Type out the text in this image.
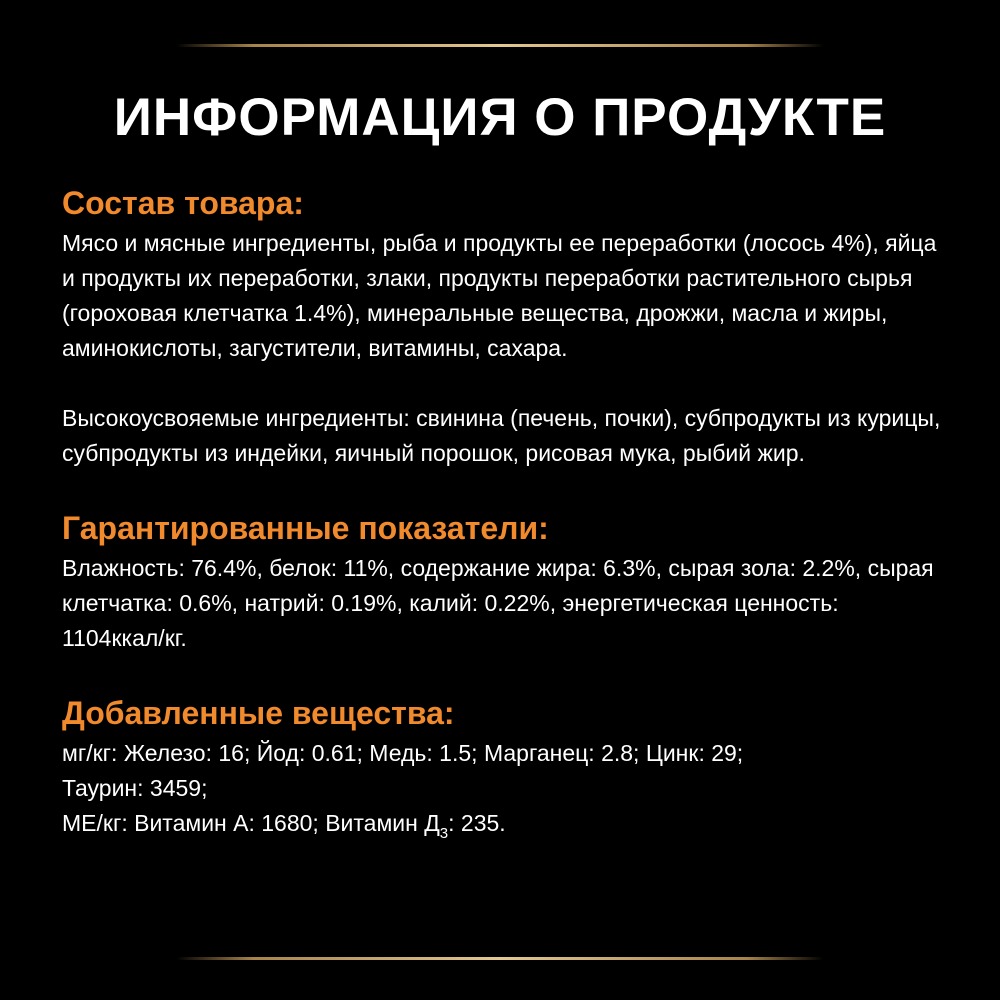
ИНФОРМАЦИЯ О ПРОДУКТЕ
Состав товара:

Мясо и мясные ингредиенты, рыба и продукты ее переработки (лосось 4%), яйца и продукты их переработки, злаки, продукты переработки растительного сырья (гороховая клетчатка 1.4%), минеральные вещества, дрожжи, масла и жиры, аминокислоты, загустители, витамины, сахара.

Высокоусвояемые ингредиенты: свинина (печень, почки), субпродукты из курицы, субпродукты из индейки, яичный порошок, рисовая мука, рыбий жир.

Гарантированные показатели:

Влажность: 76.4%, белок: 11%, содержание жира: 6.3%, сырая зола: 2.2%, сырая клетчатка: 0.6%, натрий: 0.19%, калий: 0.22%, энергетическая ценность: 1104ккал/кг.

Добавленные вещества:
мг/кг: Железо: 16; Йод: 0.61; Медь: 1.5; Марганец: 2.8; Цинк: 29;
Таурин: 3459;
МЕ/кг: Витамин А: 1680; Витамин $Д_3$: 235.
